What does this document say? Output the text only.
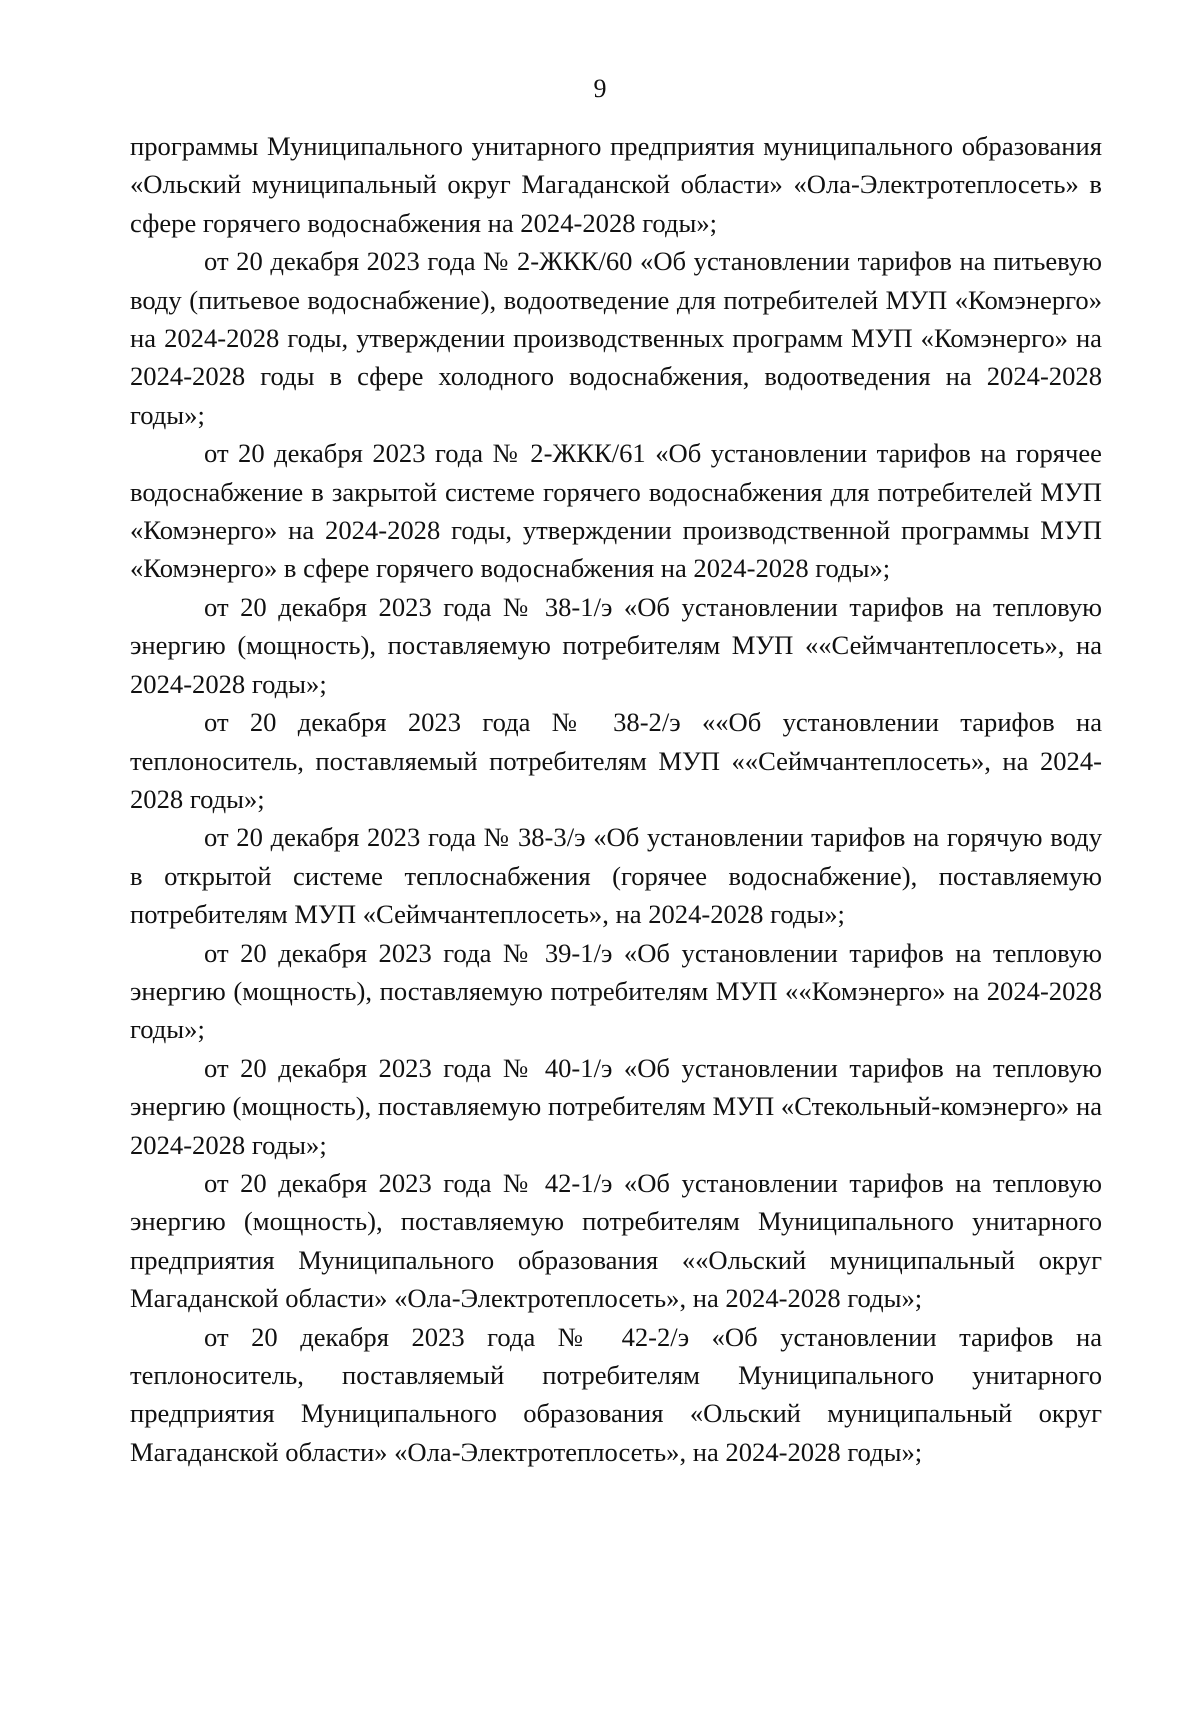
9

программы Муниципального унитарного предприятия муниципального образования «Ольский муниципальный округ Магаданской области» «Ола-Электротеплосеть» в сфере горячего водоснабжения на 2024-2028 годы»;

от 20 декабря 2023 года № 2-ЖКК/60 «Об установлении тарифов на питьевую воду (питьевое водоснабжение), водоотведение для потребителей МУП «Комэнерго» на 2024-2028 годы, утверждении производственных программ МУП «Комэнерго» на 2024-2028 годы в сфере холодного водоснабжения, водоотведения на 2024-2028 годы»;

от 20 декабря 2023 года № 2-ЖКК/61 «Об установлении тарифов на горячее водоснабжение в закрытой системе горячего водоснабжения для потребителей МУП «Комэнерго» на 2024-2028 годы, утверждении производственной программы МУП «Комэнерго» в сфере горячего водоснабжения на 2024-2028 годы»;

от 20 декабря 2023 года № 38-1/э «Об установлении тарифов на тепловую энергию (мощность), поставляемую потребителям МУП ««Сеймчантеплосеть», на 2024-2028 годы»;

от 20 декабря 2023 года № 38-2/э ««Об установлении тарифов на теплоноситель, поставляемый потребителям МУП ««Сеймчантеплосеть», на 2024-2028 годы»;

от 20 декабря 2023 года № 38-3/э «Об установлении тарифов на горячую воду в открытой системе теплоснабжения (горячее водоснабжение), поставляемую потребителям МУП «Сеймчантеплосеть», на 2024-2028 годы»;

от 20 декабря 2023 года № 39-1/э «Об установлении тарифов на тепловую энергию (мощность), поставляемую потребителям МУП ««Комэнерго» на 2024-2028 годы»;

от 20 декабря 2023 года № 40-1/э «Об установлении тарифов на тепловую энергию (мощность), поставляемую потребителям МУП «Стекольный-комэнерго» на 2024-2028 годы»;

от 20 декабря 2023 года № 42-1/э «Об установлении тарифов на тепловую энергию (мощность), поставляемую потребителям Муниципального унитарного предприятия Муниципального образования ««Ольский муниципальный округ Магаданской области» «Ола-Электротеплосеть», на 2024-2028 годы»;

от 20 декабря 2023 года № 42-2/э «Об установлении тарифов на теплоноситель, поставляемый потребителям Муниципального унитарного предприятия Муниципального образования «Ольский муниципальный округ Магаданской области» «Ола-Электротеплосеть», на 2024-2028 годы»;
